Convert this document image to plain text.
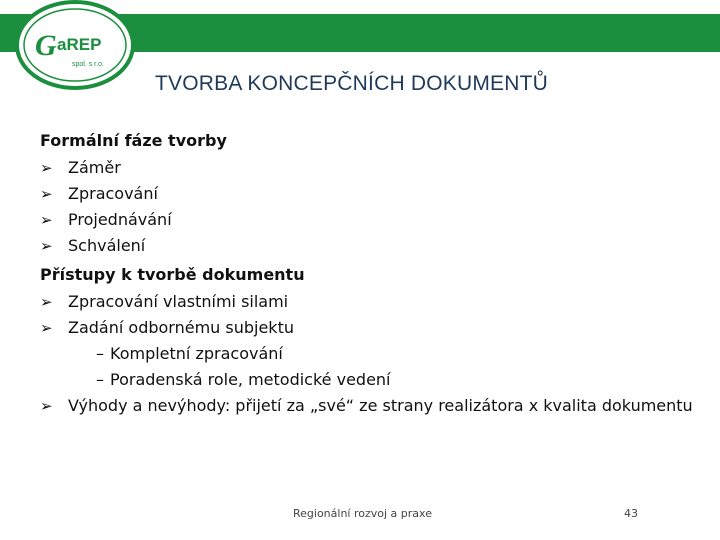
G aREP
spol. s r.o.
TVORBA KONCEPČNÍCH DOKUMENTŮ
Formální fáze tvorby
➢ Záměr
➢ Zpracování
➢ Projednávání
➢ Schválení
Přístupy k tvorbě dokumentu
➢ Zpracování vlastními silami
➢ Zadání odbornému subjektu
– Kompletní zpracování
– Poradenská role, metodické vedení
➢ Výhody a nevýhody: přijetí za „své“ ze strany realizátora x kvalita dokumentu
Regionální rozvoj a praxe	43
